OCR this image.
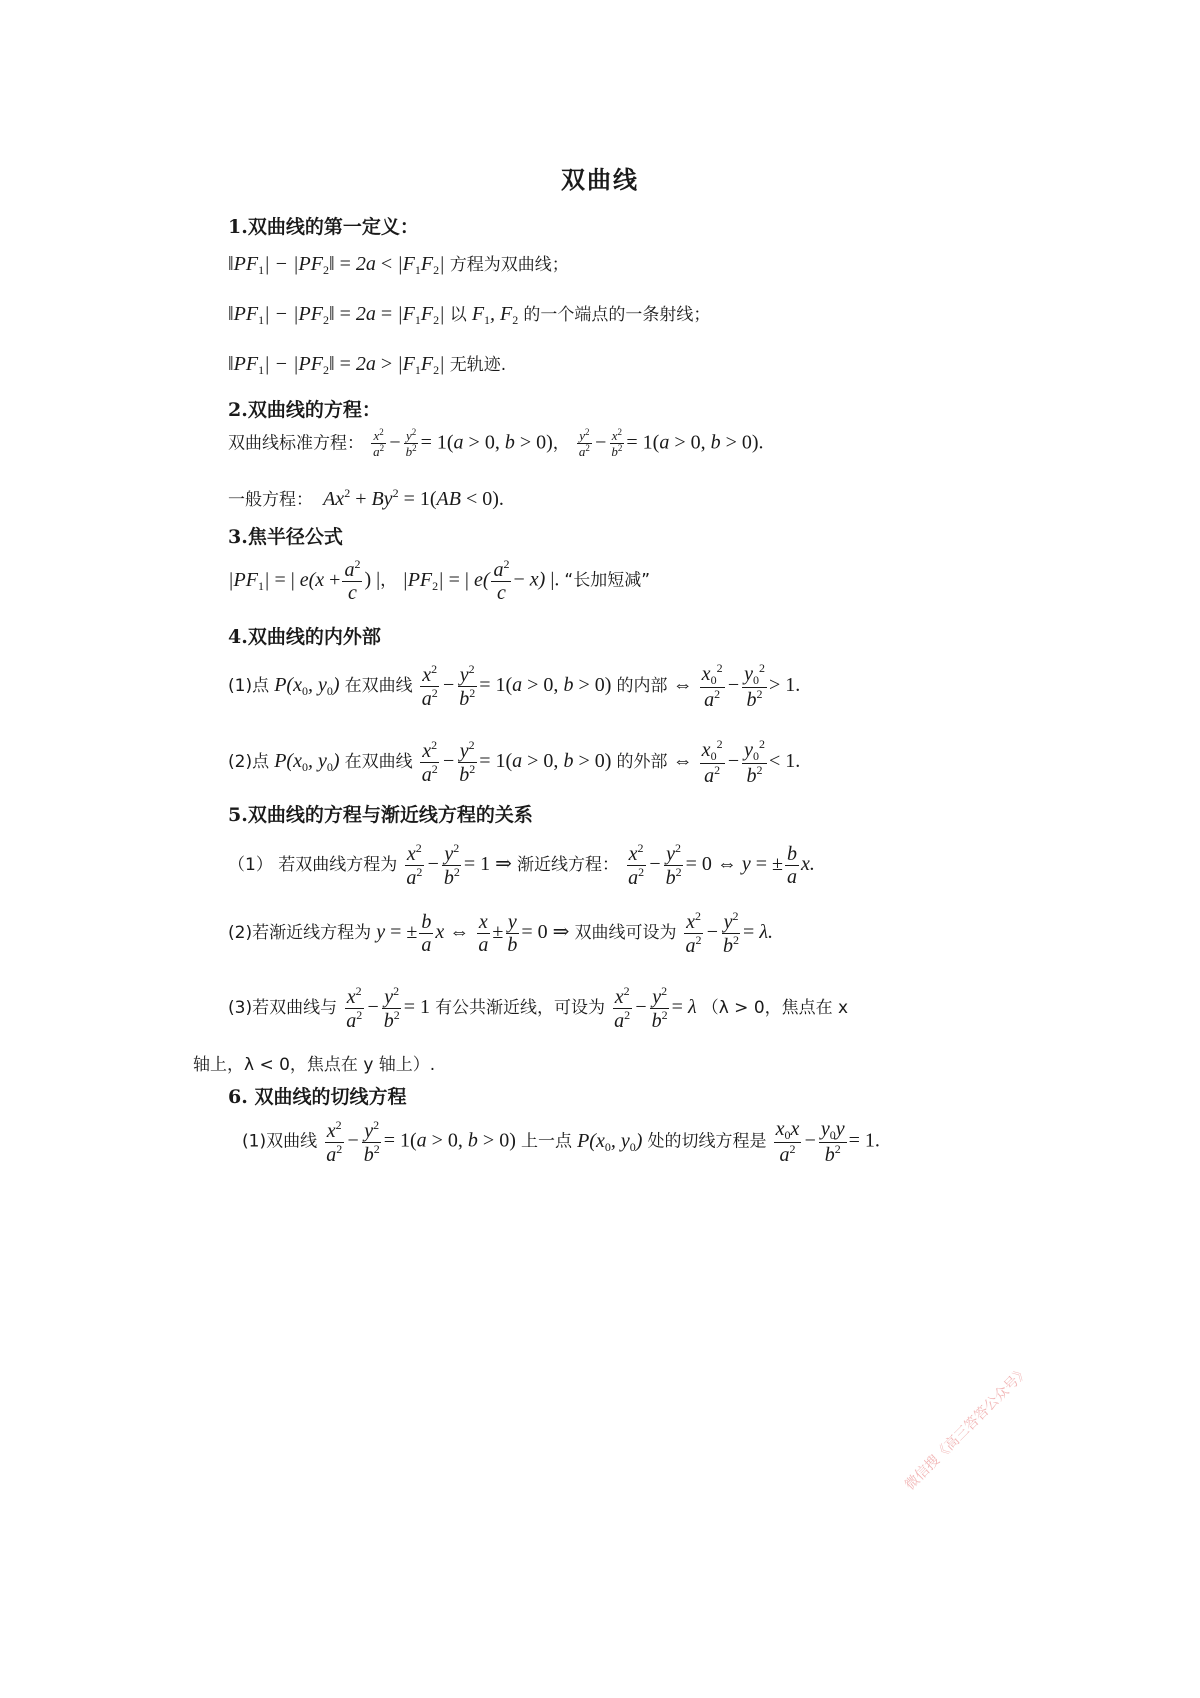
双曲线
1.双曲线的第一定义：
$‖PF_1|$ − $|PF_2‖ = 2a < |F_1F_2|$ 方程为双曲线；
$‖PF_1|$ − $|PF_2‖ = 2a = |F_1F_2|$ 以 $F_1$, $F_2$ 的一个端点的一条射线；
$‖PF_1|$ − $|PF_2‖ = 2a > |F_1F_2|$ 无轨迹.
2.双曲线的方程：
双曲线标准方程： $\frac{x^2}{a^2} - \frac{y^2}{b^2} = 1(a > 0$, b > 0)， $\frac{y^2}{a^2} - \frac{x^2}{b^2} = 1(a > 0$, b > 0).
一般方程：  $Ax^2 + By^2 = 1(AB < 0)$.
3.焦半径公式
$|PF_1|$ = | $e(x + \frac{a^2}{c}$ ) |， $|PF_2|$ = | $e( \frac{a^2}{c} - x)$ |. “长加短减”
4.双曲线的内外部
(1)点 $P(x_0$, $y_0$) 在双曲线 $\frac{x^2}{a^2} - \frac{y^2}{b^2} = 1(a > 0$, b > 0) 的内部 ⇔ $\frac{x_0^2}{a^2} - \frac{y_0^2}{b^2} > 1$.
(2)点 $P(x_0$, $y_0$) 在双曲线 $\frac{x^2}{a^2} - \frac{y^2}{b^2} = 1(a > 0$, b > 0) 的外部 ⇔ $\frac{x_0^2}{a^2} - \frac{y_0^2}{b^2} < 1$.
5.双曲线的方程与渐近线方程的关系
（1） 若双曲线方程为 $\frac{x^2}{a^2} - \frac{y^2}{b^2} = 1$ ⇒ 渐近线方程： $\frac{x^2}{a^2} - \frac{y^2}{b^2} = 0$ ⇔ y = ± $\frac{b}{a} x$.
(2)若渐近线方程为 y = ± $\frac{b}{a}$ x ⇔ $\frac{x}{a} \pm \frac{y}{b} = 0$ ⇒ 双曲线可设为 $\frac{x^2}{a^2} - \frac{y^2}{b^2} = \lambda$.
(3)若双曲线与 $\frac{x^2}{a^2} - \frac{y^2}{b^2} = 1$ 有公共渐近线，可设为 $\frac{x^2}{a^2} - \frac{y^2}{b^2} = \lambda$ （λ > 0，焦点在 x
轴上，λ < 0，焦点在 y 轴上）.
6. 双曲线的切线方程
(1)双曲线 $\frac{x^2}{a^2} - \frac{y^2}{b^2} = 1(a > 0$, b > 0) 上一点 $P(x_0$, $y_0$) 处的切线方程是 $\frac{x_0x}{a^2} - \frac{y_0y}{b^2} = 1$.
微信搜《高三答答公众号》
